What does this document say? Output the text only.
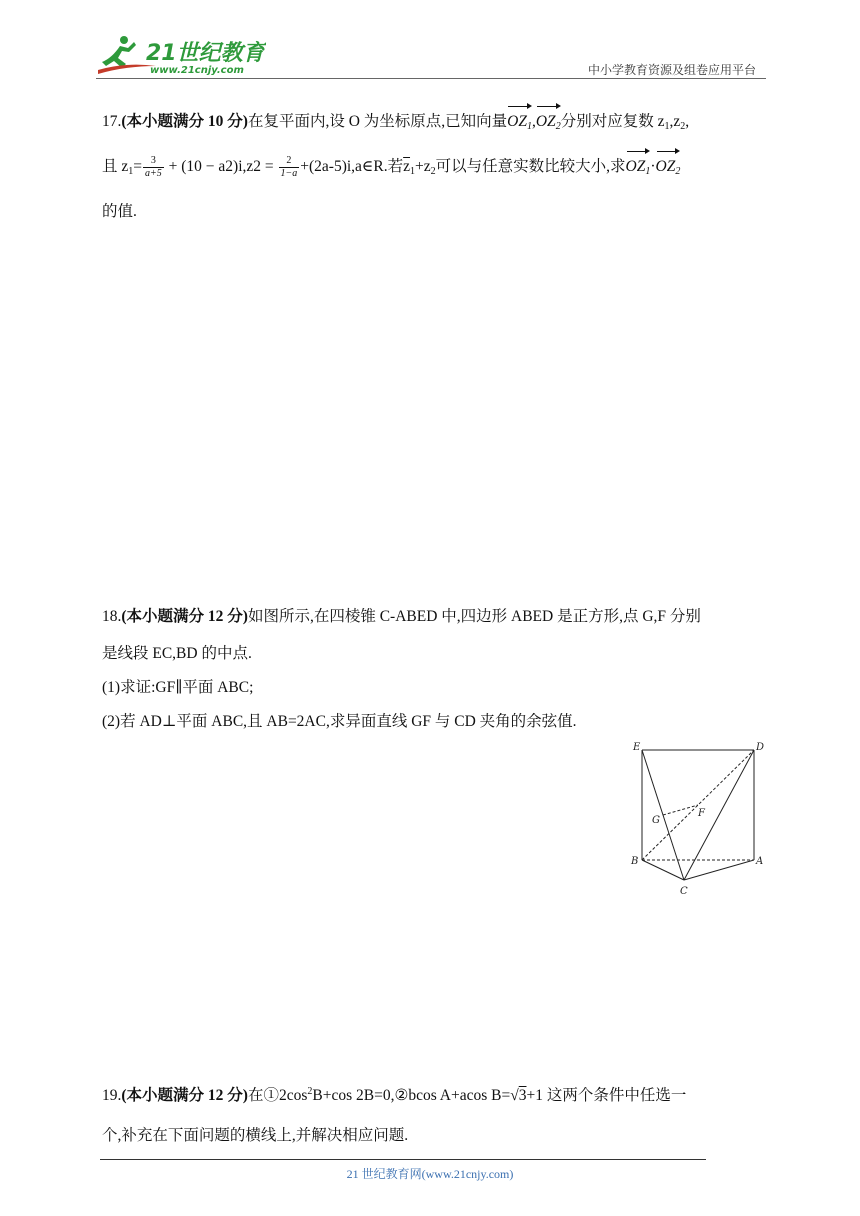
21世纪教育
www.21cnjy.com	中小学教育资源及组卷应用平台

17.(本小题满分 10 分)在复平面内,设 O 为坐标原点,已知向量$OZ_1,OZ_2$分别对应复数 $z_1,z_2$,

且 $z_1= \frac{3}{a+5} + (10 - a2)i,z2 = \frac{2}{1-a}$ +(2a-5)i,a∈R.若$\overline{z}_1+z_2$可以与任意实数比较大小,求$OZ_1\cdot OZ_2$

的值.

18.(本小题满分 12 分)如图所示,在四棱锥 C-ABED 中,四边形 ABED 是正方形,点 G,F 分别

是线段 EC,BD 的中点.

(1)求证:GF∥平面 ABC;

(2)若 AD⊥平面 ABC,且 AB=2AC,求异面直线 GF 与 CD 夹角的余弦值.

E	D
G
F
B	A
C

19.(本小题满分 12 分)在$①2\cos^2B+\cos$ 2B=0,②bcos A+acos B=√3+1 这两个条件中任选一

个,补充在下面问题的横线上,并解决相应问题.

21 世纪教育网(www.21cnjy.com)
